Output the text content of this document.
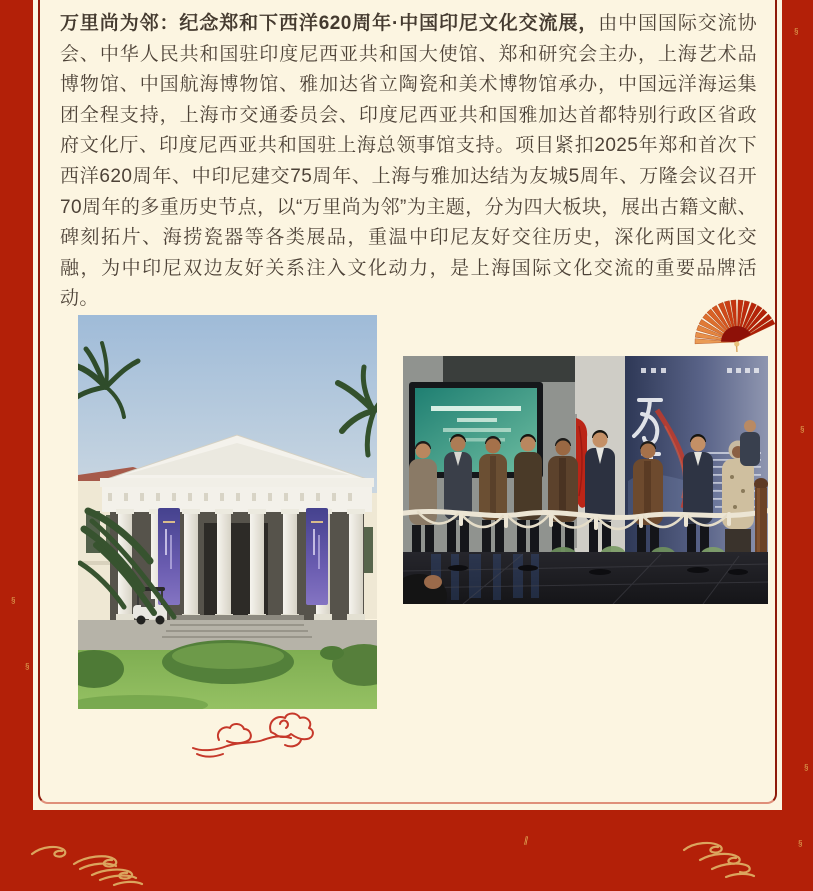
万里尚为邻：纪念郑和下西洋620周年·中国印尼文化交流展，由中国国际交流协会、中华人民共和国驻印度尼西亚共和国大使馆、郑和研究会主办，上海艺术品博物馆、中国航海博物馆、雅加达省立陶瓷和美术博物馆承办，中国远洋海运集团全程支持，上海市交通委员会、印度尼西亚共和国雅加达首都特别行政区省政府文化厅、印度尼西亚共和国驻上海总领事馆支持。项目紧扣2025年郑和首次下西洋620周年、中印尼建交75周年、上海与雅加达结为友城5周年、万隆会议召开70周年的多重历史节点，以“万里尚为邻”为主题，分为四大板块，展出古籍文献、碑刻拓片、海捞瓷器等各类展品，重温中印尼友好交往历史，深化两国文化交融，为中印尼双边友好关系注入文化动力，是上海国际文化交流的重要品牌活动。

§
§
§
§
§
∥	§
